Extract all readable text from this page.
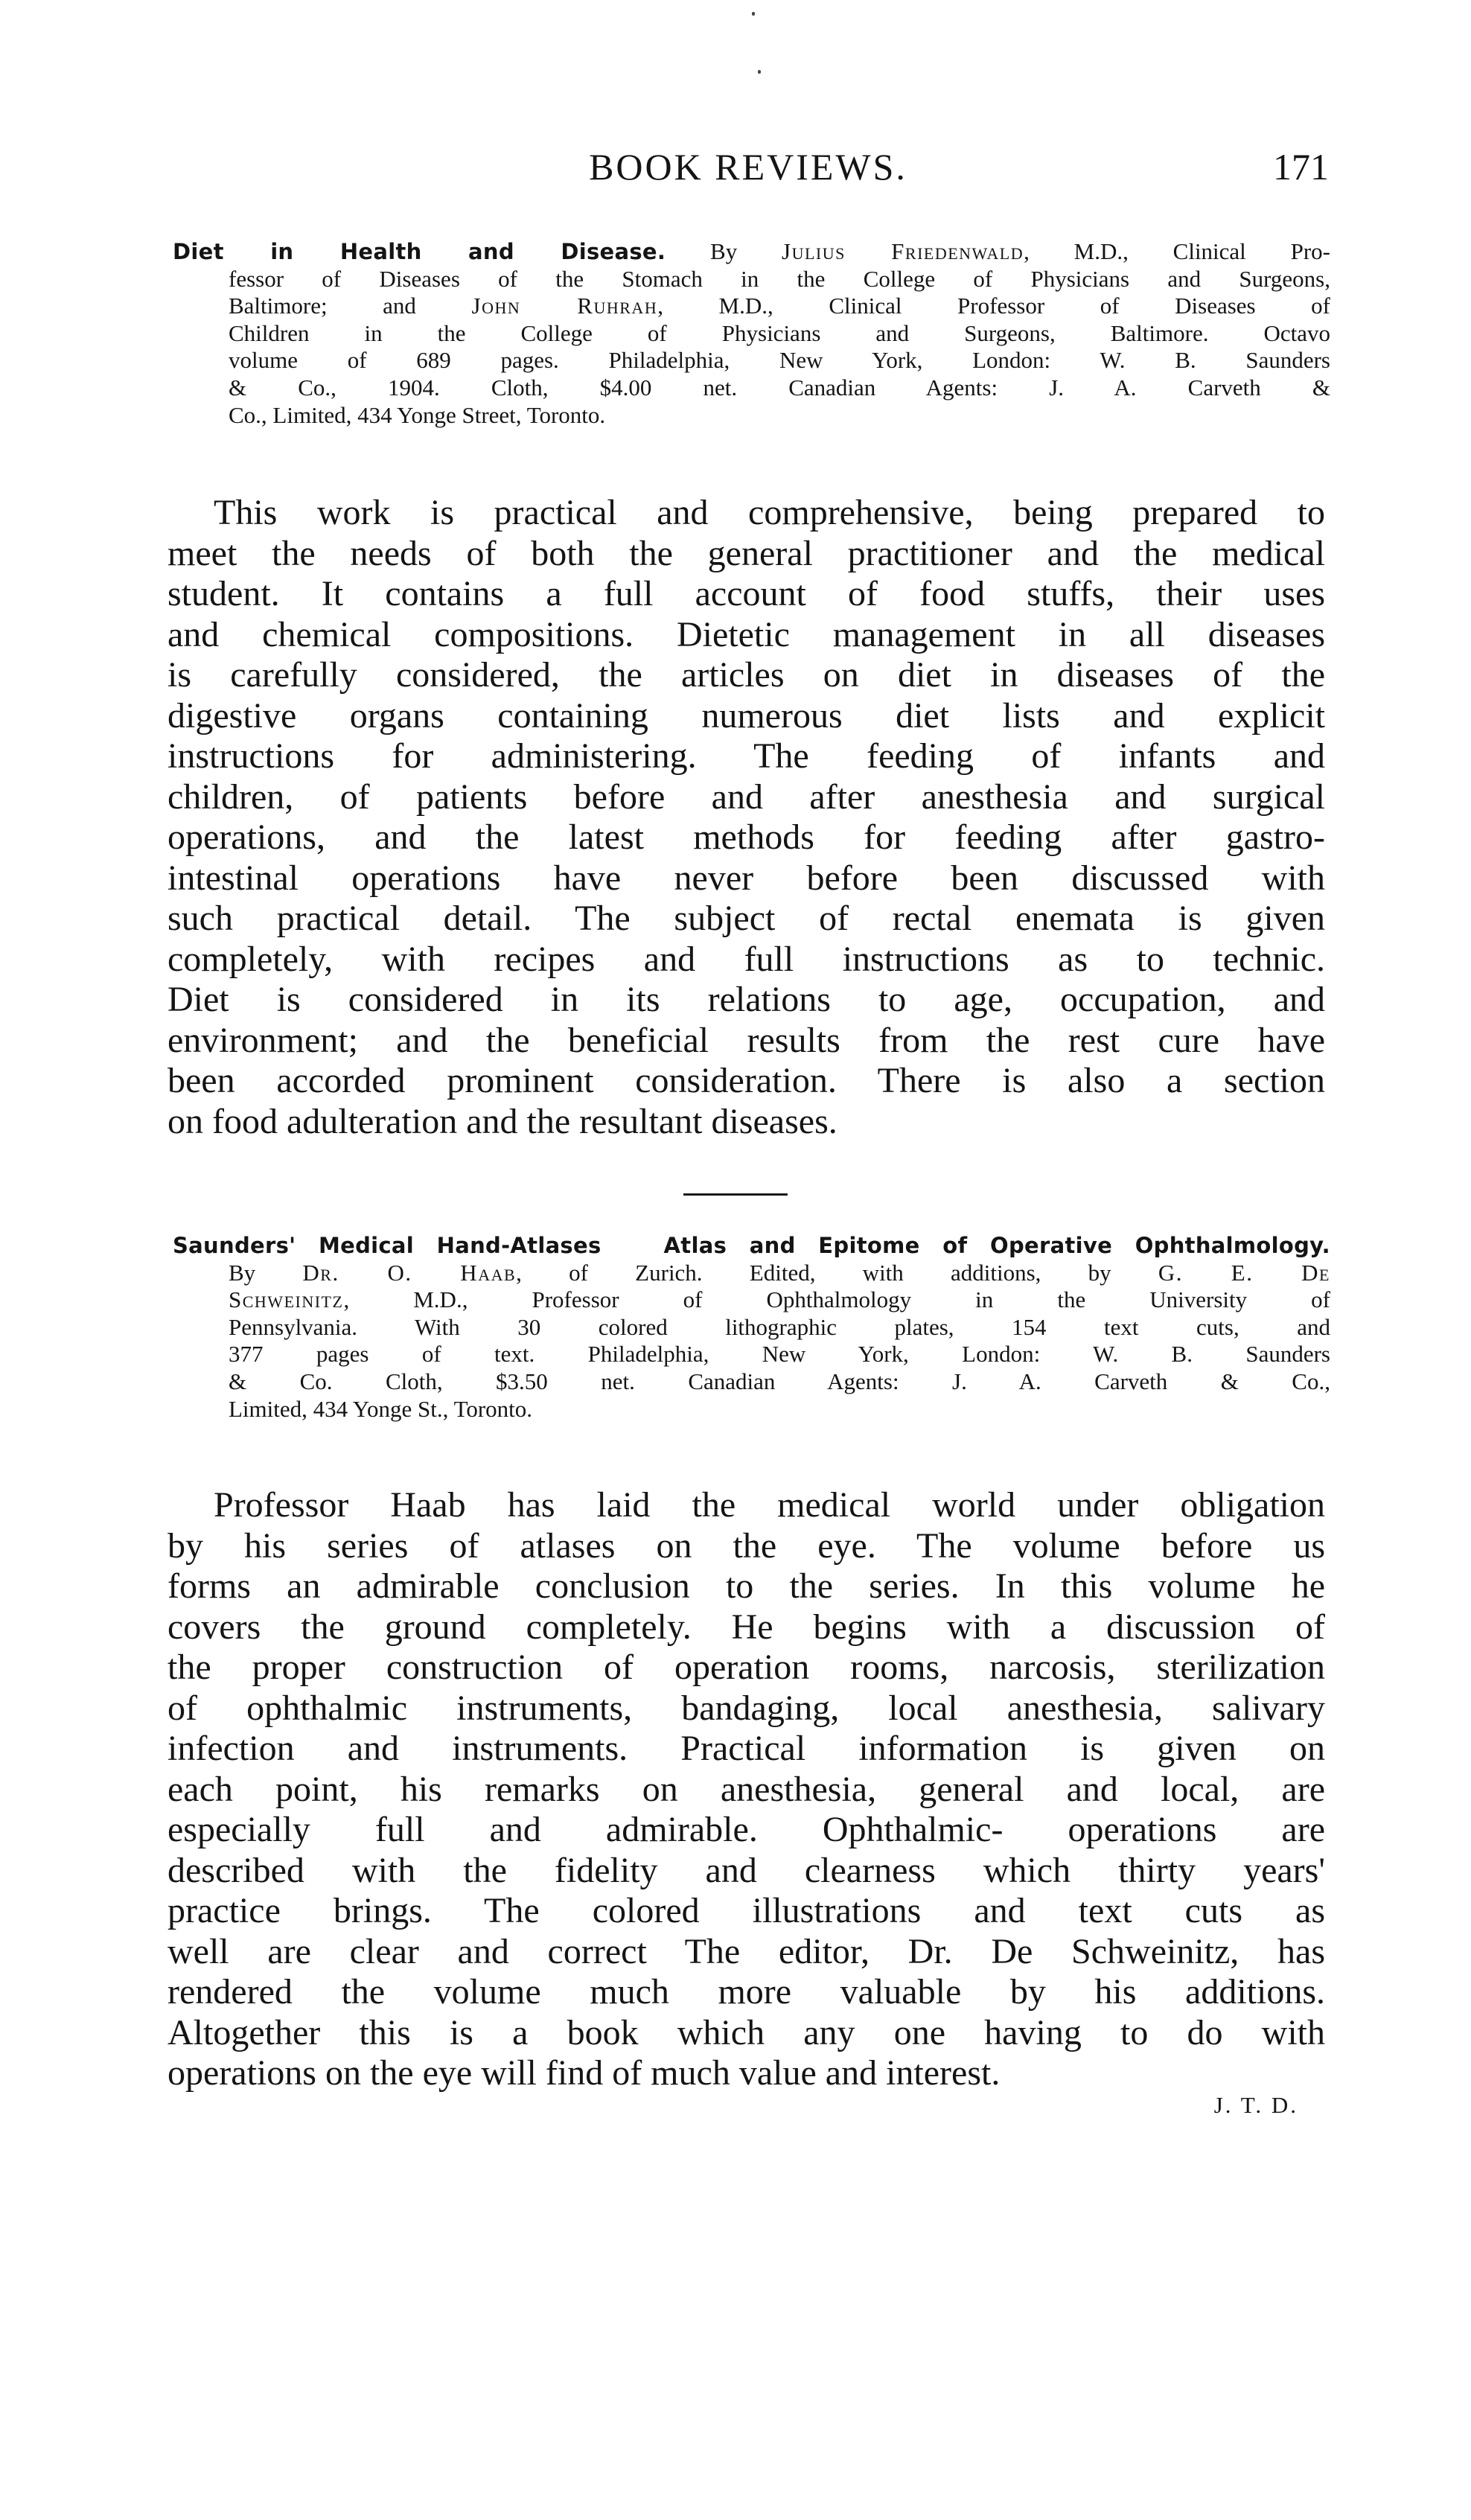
BOOK REVIEWS.	171
Diet in Health and Disease. By Julius Friedenwald, M.D., Clinical Pro-
fessor of Diseases of the Stomach in the College of Physicians and Surgeons,
Baltimore; and John Ruhrah, M.D., Clinical Professor of Diseases of
Children in the College of Physicians and Surgeons, Baltimore. Octavo
volume of 689 pages. Philadelphia, New York, London: W. B. Saunders
& Co., 1904. Cloth, $4.00 net. Canadian Agents: J. A. Carveth &
Co., Limited, 434 Yonge Street, Toronto.
This work is practical and comprehensive, being prepared to
meet the needs of both the general practitioner and the medical
student. It contains a full account of food stuffs, their uses
and chemical compositions. Dietetic management in all diseases
is carefully considered, the articles on diet in diseases of the
digestive organs containing numerous diet lists and explicit
instructions for administering. The feeding of infants and
children, of patients before and after anesthesia and surgical
operations, and the latest methods for feeding after gastro-
intestinal operations have never before been discussed with
such practical detail. The subject of rectal enemata is given
completely, with recipes and full instructions as to technic.
Diet is considered in its relations to age, occupation, and
environment; and the beneficial results from the rest cure have
been accorded prominent consideration. There is also a section
on food adulteration and the resultant diseases.
Saunders' Medical Hand-Atlases	Atlas and Epitome of Operative Ophthalmology.
By Dr. O. Haab, of Zurich. Edited, with additions, by G. E. De
Schweinitz, M.D., Professor of Ophthalmology in the University of
Pennsylvania. With 30 colored lithographic plates, 154 text cuts, and
377 pages of text. Philadelphia, New York, London: W. B. Saunders
& Co. Cloth, $3.50 net. Canadian Agents: J. A. Carveth & Co.,
Limited, 434 Yonge St., Toronto.
Professor Haab has laid the medical world under obligation
by his series of atlases on the eye. The volume before us
forms an admirable conclusion to the series. In this volume he
covers the ground completely. He begins with a discussion of
the proper construction of operation rooms, narcosis, sterilization
of ophthalmic instruments, bandaging, local anesthesia, salivary
infection and instruments. Practical information is given on
each point, his remarks on anesthesia, general and local, are
especially full and admirable. Ophthalmic- operations are
described with the fidelity and clearness which thirty years'
practice brings. The colored illustrations and text cuts as
well are clear and correct The editor, Dr. De Schweinitz, has
rendered the volume much more valuable by his additions.
Altogether this is a book which any one having to do with
operations on the eye will find of much value and interest.
J. T. D.
